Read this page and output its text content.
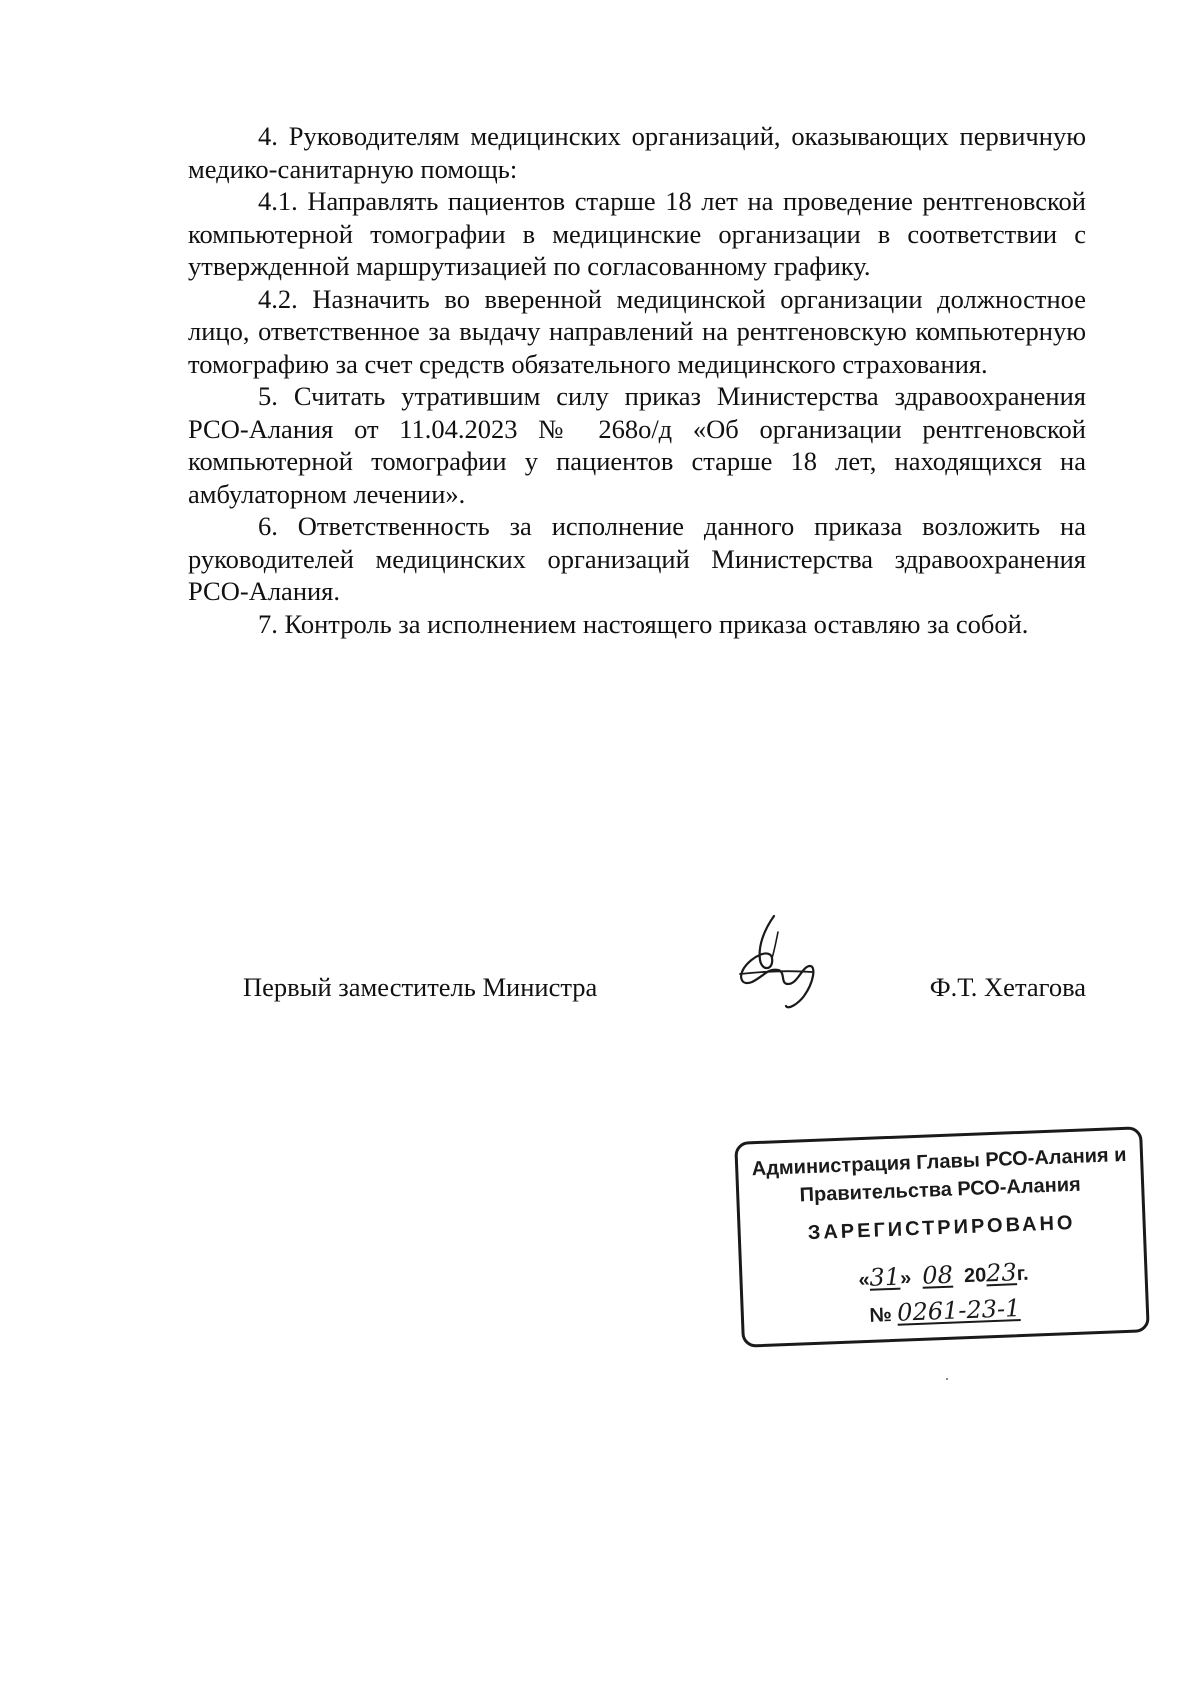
4. Руководителям медицинских организаций, оказывающих первичную медико-санитарную помощь:

4.1. Направлять пациентов старше 18 лет на проведение рентгеновской компьютерной томографии в медицинские организации в соответствии с утвержденной маршрутизацией по согласованному графику.

4.2. Назначить во вверенной медицинской организации должностное лицо, ответственное за выдачу направлений на рентгеновскую компьютерную томографию за счет средств обязательного медицинского страхования.

5. Считать утратившим силу приказ Министерства здравоохранения РСО-Алания от 11.04.2023 № 268о/д «Об организации рентгеновской компьютерной томографии у пациентов старше 18 лет, находящихся на амбулаторном лечении».

6. Ответственность за исполнение данного приказа возложить на руководителей медицинских организаций Министерства здравоохранения РСО-Алания.

7. Контроль за исполнением настоящего приказа оставляю за собой.

Первый заместитель Министра	Ф.Т. Хетагова
Администрация Главы РСО-Алания и
Правительства РСО-Алания
ЗАРЕГИСТРИРОВАНО
«31»  08 2023г.
№ 0261-23-1
